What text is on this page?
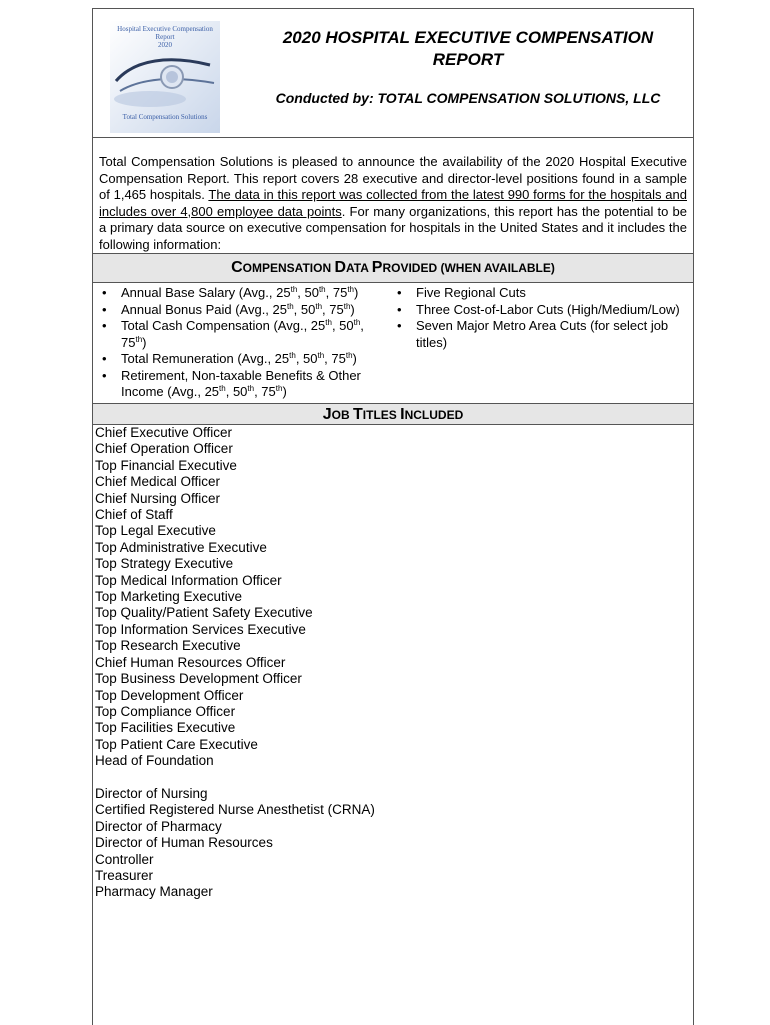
Hospital Executive Compensation Report
2020
Total Compensation Solutions
2020 HOSPITAL EXECUTIVE COMPENSATION
REPORT
Conducted by: TOTAL COMPENSATION SOLUTIONS, LLC
Total Compensation Solutions is pleased to announce the availability of the 2020 Hospital Executive Compensation Report. This report covers 28 executive and director-level positions found in a sample of 1,465 hospitals. The data in this report was collected from the latest 990 forms for the hospitals and includes over 4,800 employee data points. For many organizations, this report has the potential to be a primary data source on executive compensation for hospitals in the United States and it includes the following information:
COMPENSATION DATA PROVIDED (WHEN AVAILABLE)
• Annual Base Salary (Avg., 25th, 50th, 75th)
• Annual Bonus Paid (Avg., 25th, 50th, 75th)
• Total Cash Compensation (Avg., 25th, 50th, 75th)
• Total Remuneration (Avg., 25th, 50th, 75th)
• Retirement, Non-taxable Benefits & Other Income (Avg., 25th, 50th, 75th)
• Five Regional Cuts
• Three Cost-of-Labor Cuts (High/Medium/Low)
• Seven Major Metro Area Cuts (for select job titles)
JOB TITLES INCLUDED
Chief Executive Officer
Chief Operation Officer
Top Financial Executive
Chief Medical Officer
Chief Nursing Officer
Chief of Staff
Top Legal Executive
Top Administrative Executive
Top Strategy Executive
Top Medical Information Officer
Top Marketing Executive
Top Quality/Patient Safety Executive
Top Information Services Executive
Top Research Executive
Chief Human Resources Officer
Top Business Development Officer
Top Development Officer
Top Compliance Officer
Top Facilities Executive
Top Patient Care Executive
Head of Foundation
Director of Nursing
Certified Registered Nurse Anesthetist (CRNA)
Director of Pharmacy
Director of Human Resources
Controller
Treasurer
Pharmacy Manager
